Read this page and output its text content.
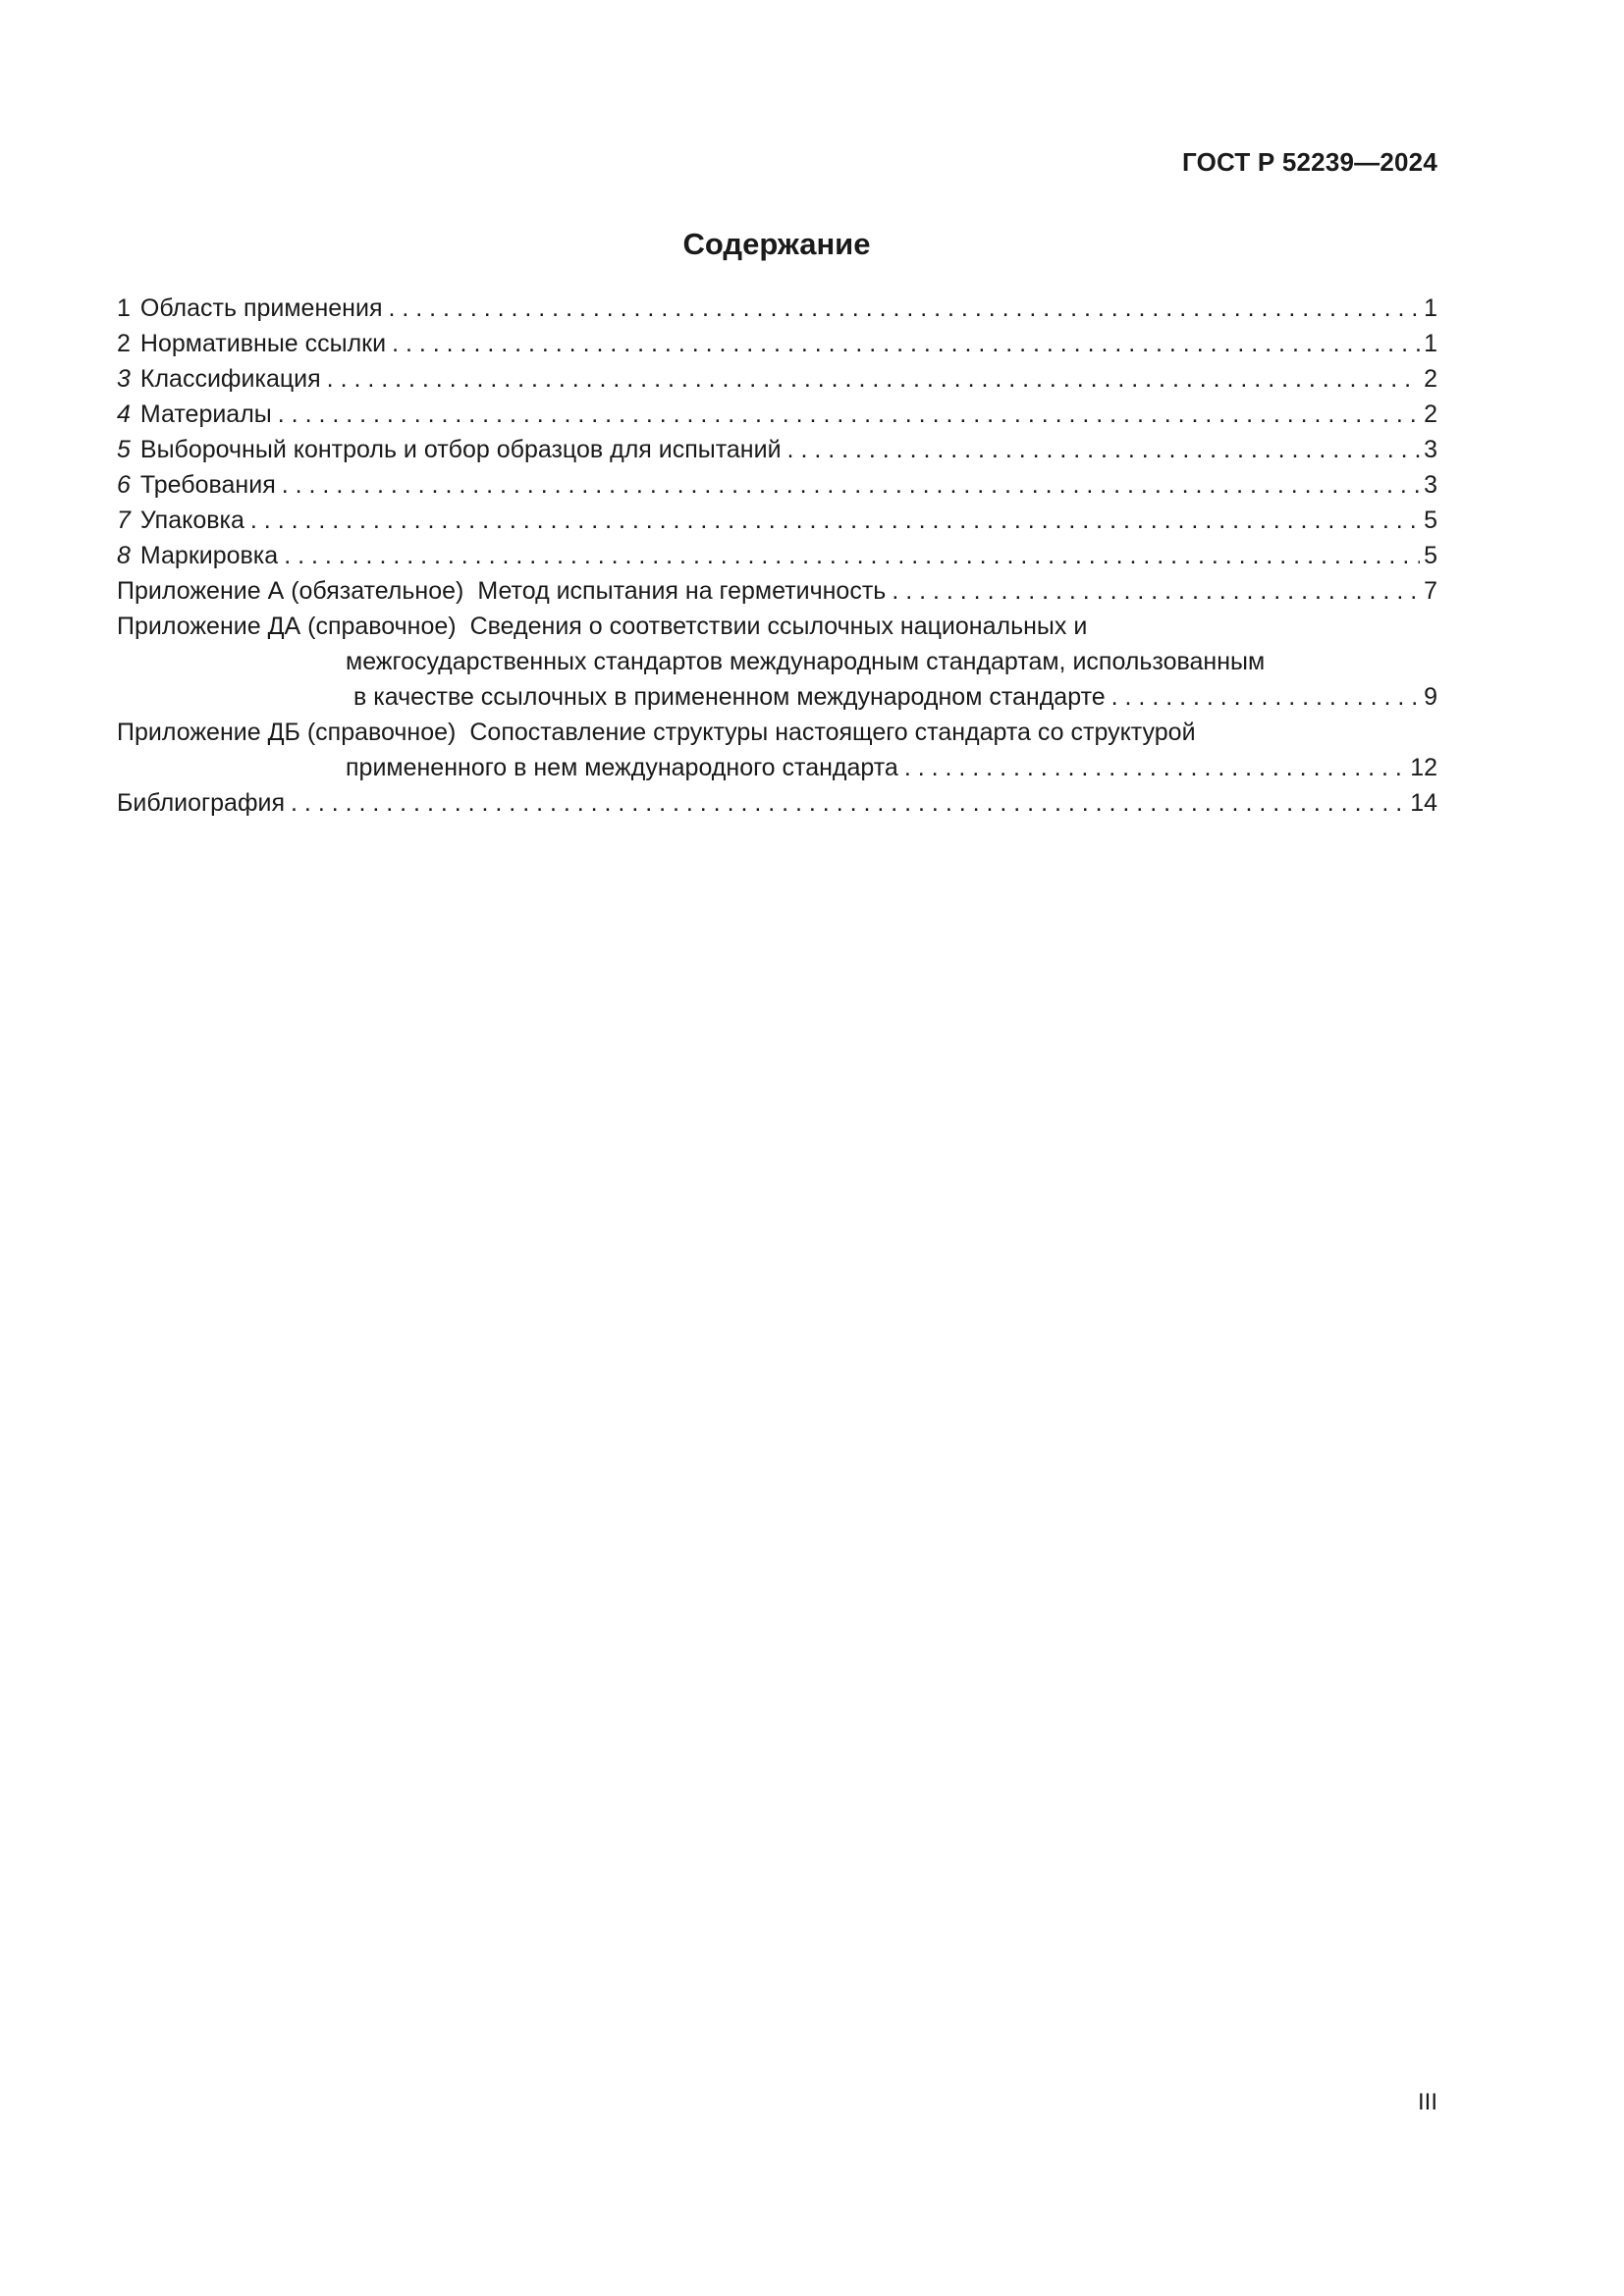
ГОСТ Р 52239—2024
Содержание
1 Область применения . . .	1
2 Нормативные ссылки . . .	1
3 Классификация . . .	2
4 Материалы . . .	2
5 Выборочный контроль и отбор образцов для испытаний . . .	3
6 Требования . . .	3
7 Упаковка . . .	5
8 Маркировка . . .	5
Приложение А (обязательное) Метод испытания на герметичность . . .	7
Приложение ДА (справочное) Сведения о соответствии ссылочных национальных и
межгосударственных стандартов международным стандартам, использованным
в качестве ссылочных в примененном международном стандарте . . .	9
Приложение ДБ (справочное) Сопоставление структуры настоящего стандарта со структурой
примененного в нем международного стандарта . . .	12
Библиография . . .	14
III
